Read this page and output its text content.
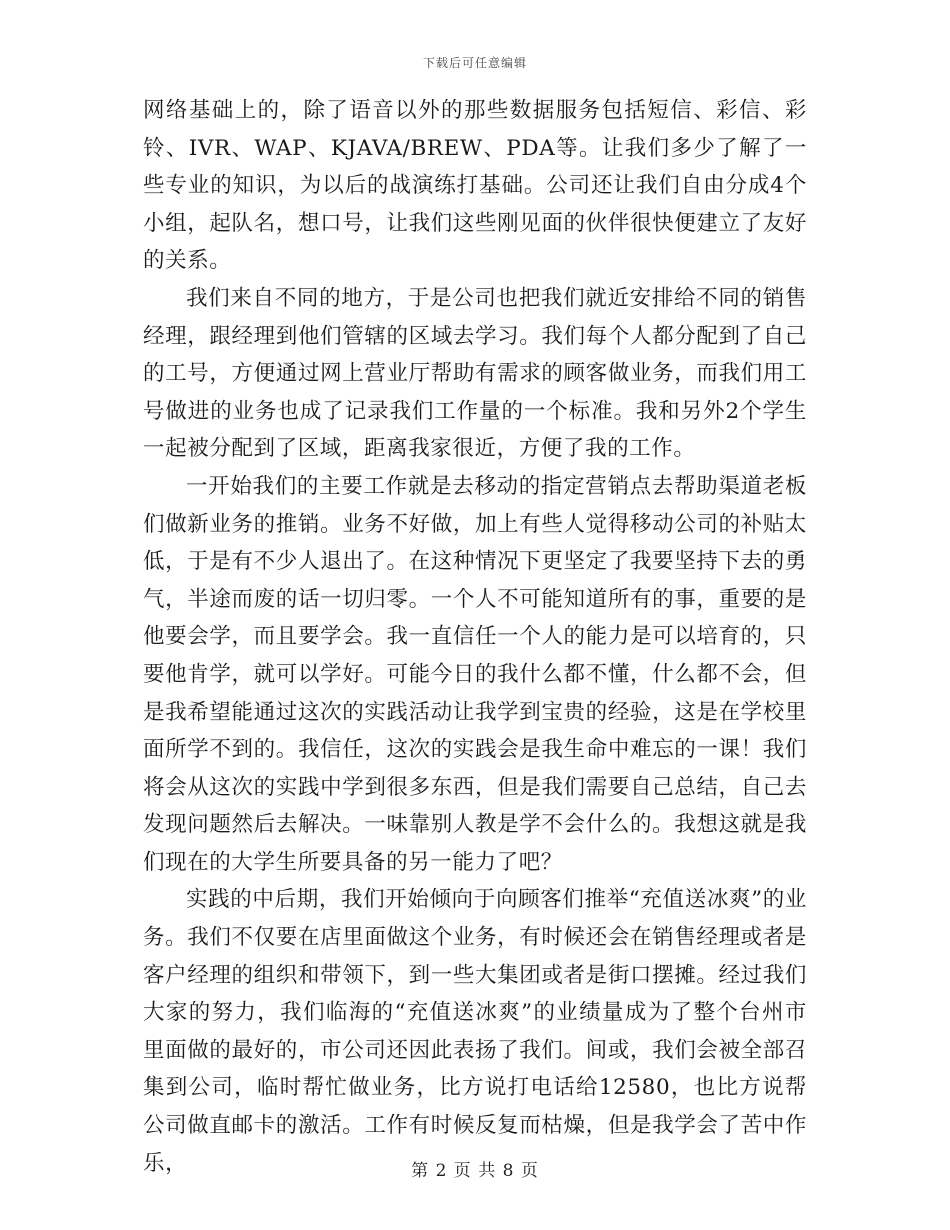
下载后可任意编辑

网络基础上的，除了语音以外的那些数据服务包括短信、彩信、彩铃、IVR、WAP、KJAVA/BREW、PDA等。让我们多少了解了一些专业的知识，为以后的战演练打基础。公司还让我们自由分成4个小组，起队名，想口号，让我们这些刚见面的伙伴很快便建立了友好的关系。

我们来自不同的地方，于是公司也把我们就近安排给不同的销售经理，跟经理到他们管辖的区域去学习。我们每个人都分配到了自己的工号，方便通过网上营业厅帮助有需求的顾客做业务，而我们用工号做进的业务也成了记录我们工作量的一个标准。我和另外2个学生一起被分配到了区域，距离我家很近，方便了我的工作。

一开始我们的主要工作就是去移动的指定营销点去帮助渠道老板们做新业务的推销。业务不好做，加上有些人觉得移动公司的补贴太低，于是有不少人退出了。在这种情况下更坚定了我要坚持下去的勇气，半途而废的话一切归零。一个人不可能知道所有的事，重要的是他要会学，而且要学会。我一直信任一个人的能力是可以培育的，只要他肯学，就可以学好。可能今日的我什么都不懂，什么都不会，但是我希望能通过这次的实践活动让我学到宝贵的经验，这是在学校里面所学不到的。我信任，这次的实践会是我生命中难忘的一课！我们将会从这次的实践中学到很多东西，但是我们需要自己总结，自己去发现问题然后去解决。一味靠别人教是学不会什么的。我想这就是我们现在的大学生所要具备的另一能力了吧？

实践的中后期，我们开始倾向于向顾客们推举“充值送冰爽”的业务。我们不仅要在店里面做这个业务，有时候还会在销售经理或者是客户经理的组织和带领下，到一些大集团或者是街口摆摊。经过我们大家的努力，我们临海的“充值送冰爽”的业绩量成为了整个台州市里面做的最好的，市公司还因此表扬了我们。间或，我们会被全部召集到公司，临时帮忙做业务，比方说打电话给12580，也比方说帮公司做直邮卡的激活。工作有时候反复而枯燥，但是我学会了苦中作乐，	第 2 页 共 8 页
